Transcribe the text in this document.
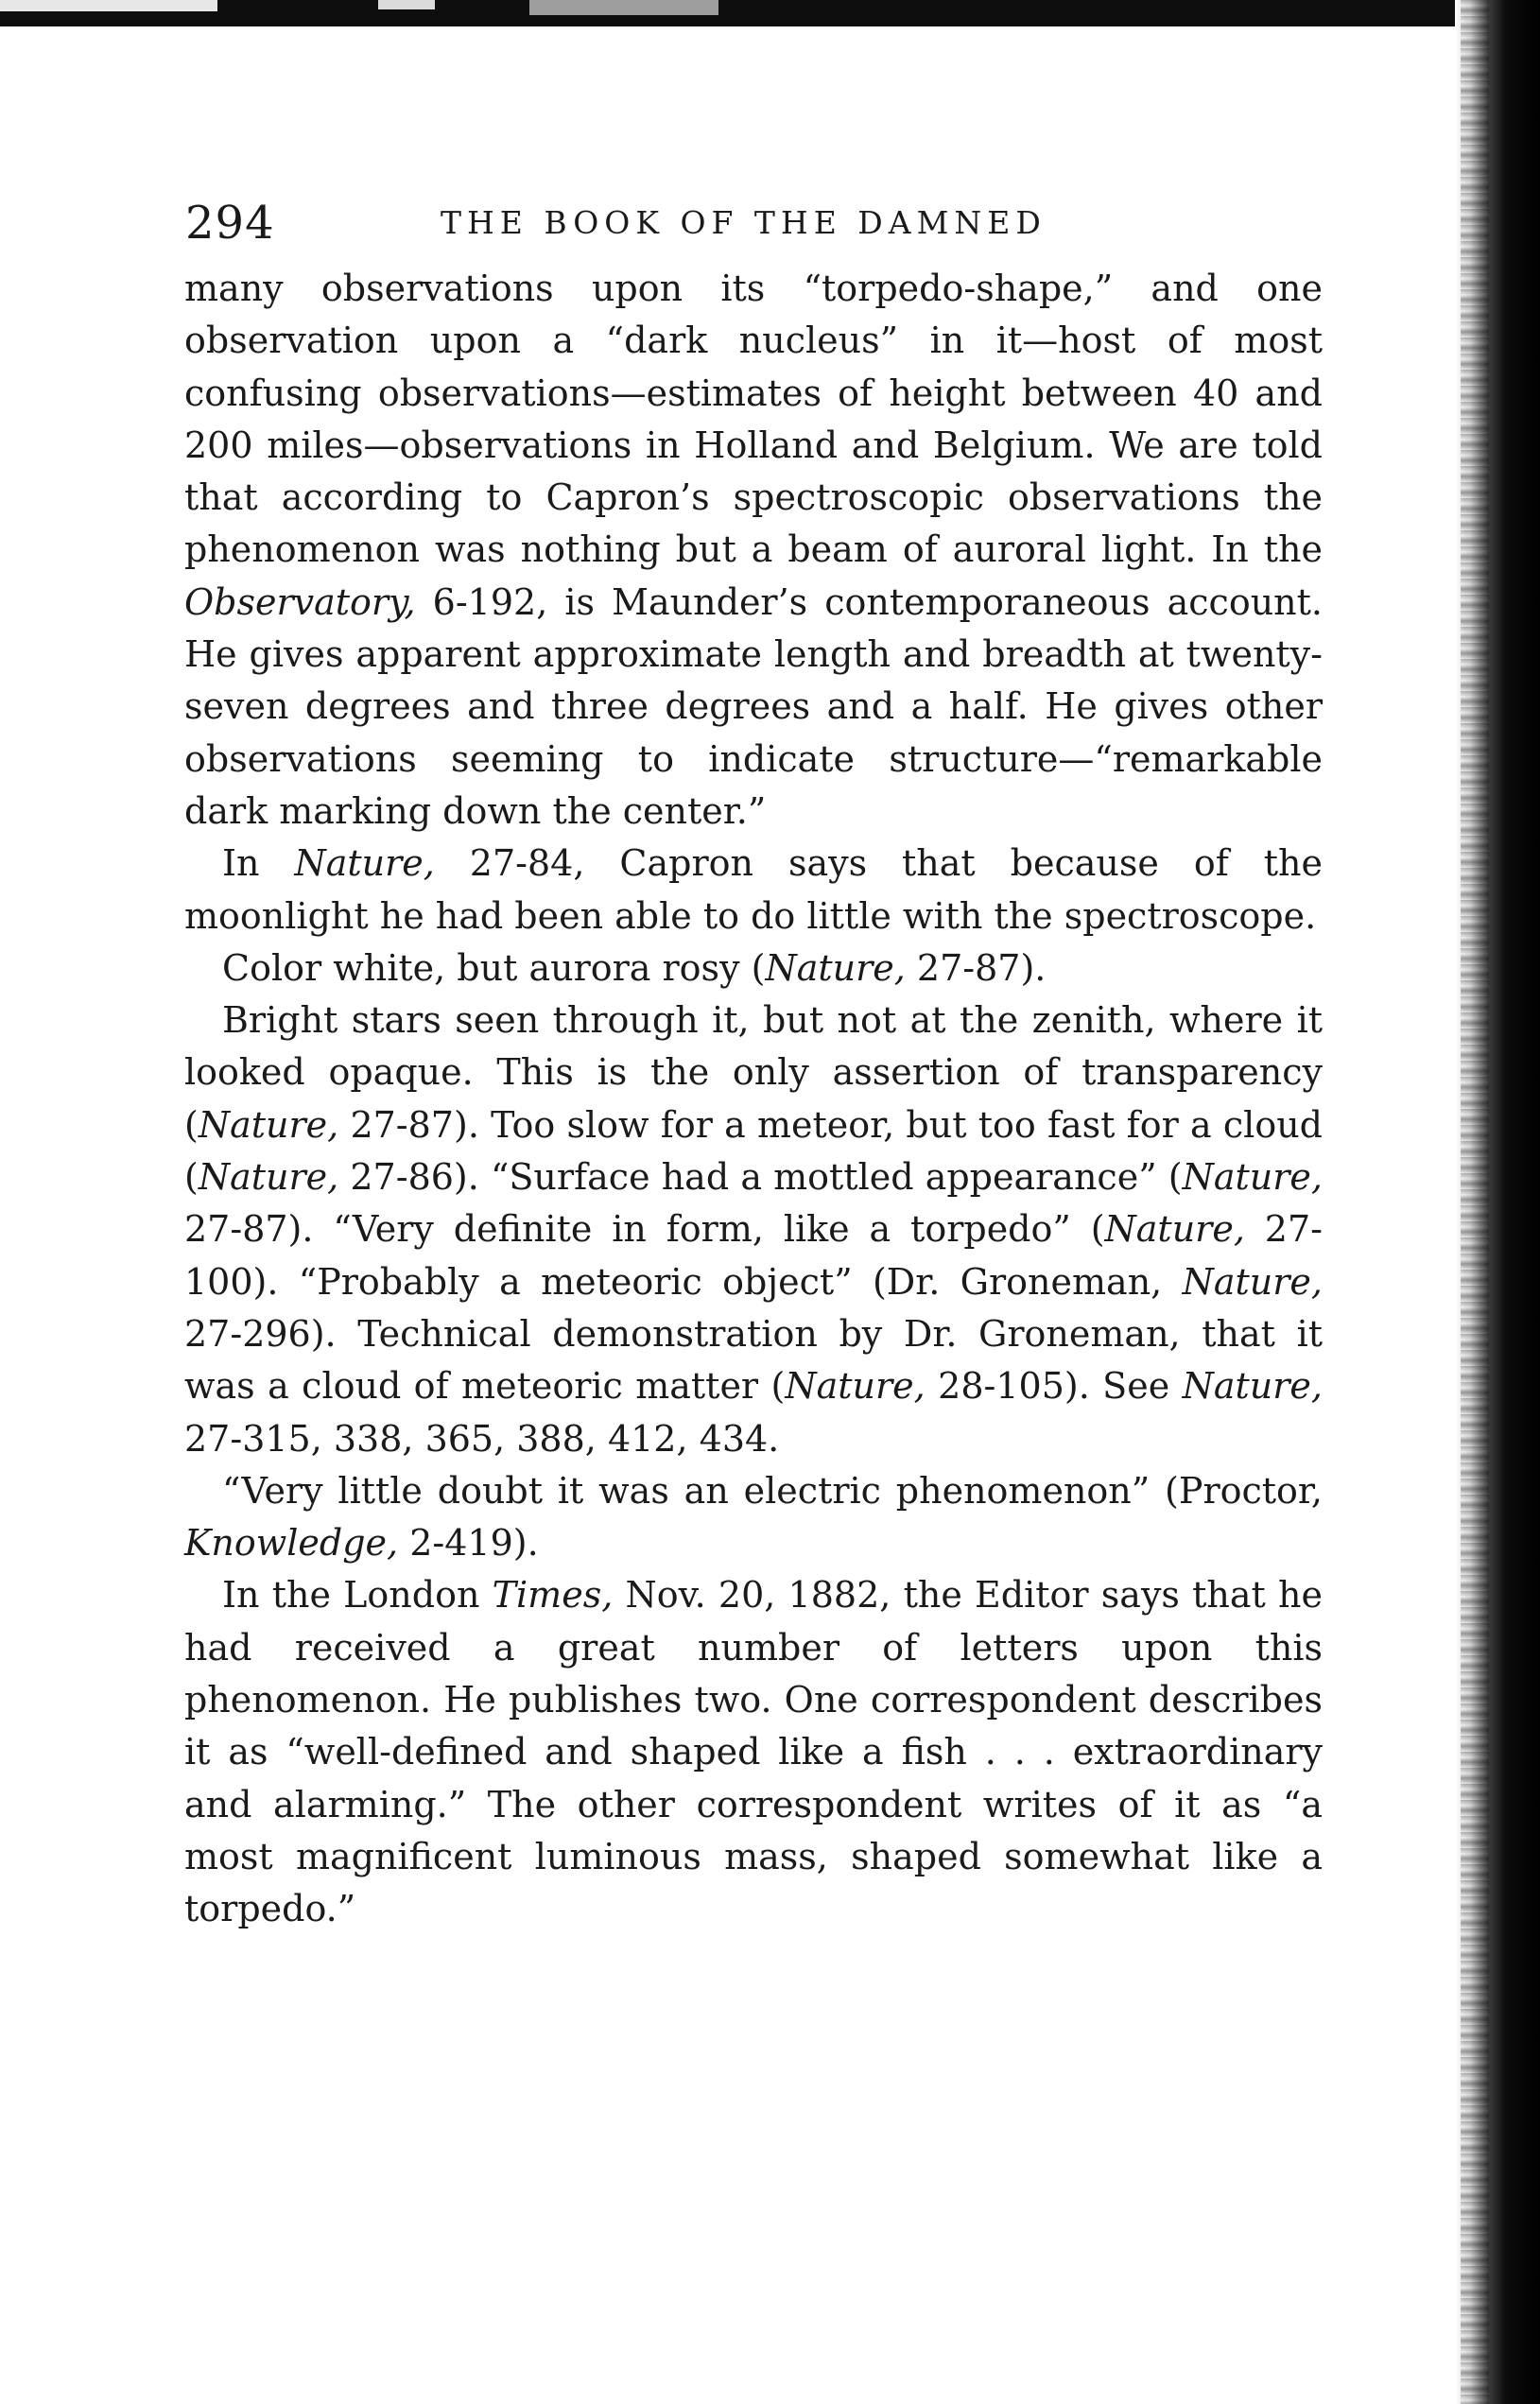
294	THE BOOK OF THE DAMNED

many observations upon its “torpedo-shape,” and one observation upon a “dark nucleus” in it—host of most confusing observations—estimates of height between 40 and 200 miles—observations in Holland and Belgium. We are told that according to Capron’s spectroscopic observations the phenomenon was nothing but a beam of auroral light. In the Observatory, 6-192, is Maunder’s contemporaneous account. He gives apparent approximate length and breadth at twenty-seven degrees and three degrees and a half. He gives other observations seeming to indicate structure—“remarkable dark marking down the center.”

In Nature, 27-84, Capron says that because of the moonlight he had been able to do little with the spectroscope.

Color white, but aurora rosy (Nature, 27-87).

Bright stars seen through it, but not at the zenith, where it looked opaque. This is the only assertion of transparency (Nature, 27-87). Too slow for a meteor, but too fast for a cloud (Nature, 27-86). “Surface had a mottled appearance” (Nature, 27-87). “Very definite in form, like a torpedo” (Nature, 27-100). “Probably a meteoric object” (Dr. Groneman, Nature, 27-296). Technical demonstration by Dr. Groneman, that it was a cloud of meteoric matter (Nature, 28-105). See Nature, 27-315, 338, 365, 388, 412, 434.

“Very little doubt it was an electric phenomenon” (Proctor, Knowledge, 2-419).

In the London Times, Nov. 20, 1882, the Editor says that he had received a great number of letters upon this phenomenon. He publishes two. One correspondent describes it as “well-defined and shaped like a fish . . . extraordinary and alarming.” The other correspondent writes of it as “a most magnificent luminous mass, shaped somewhat like a torpedo.”
